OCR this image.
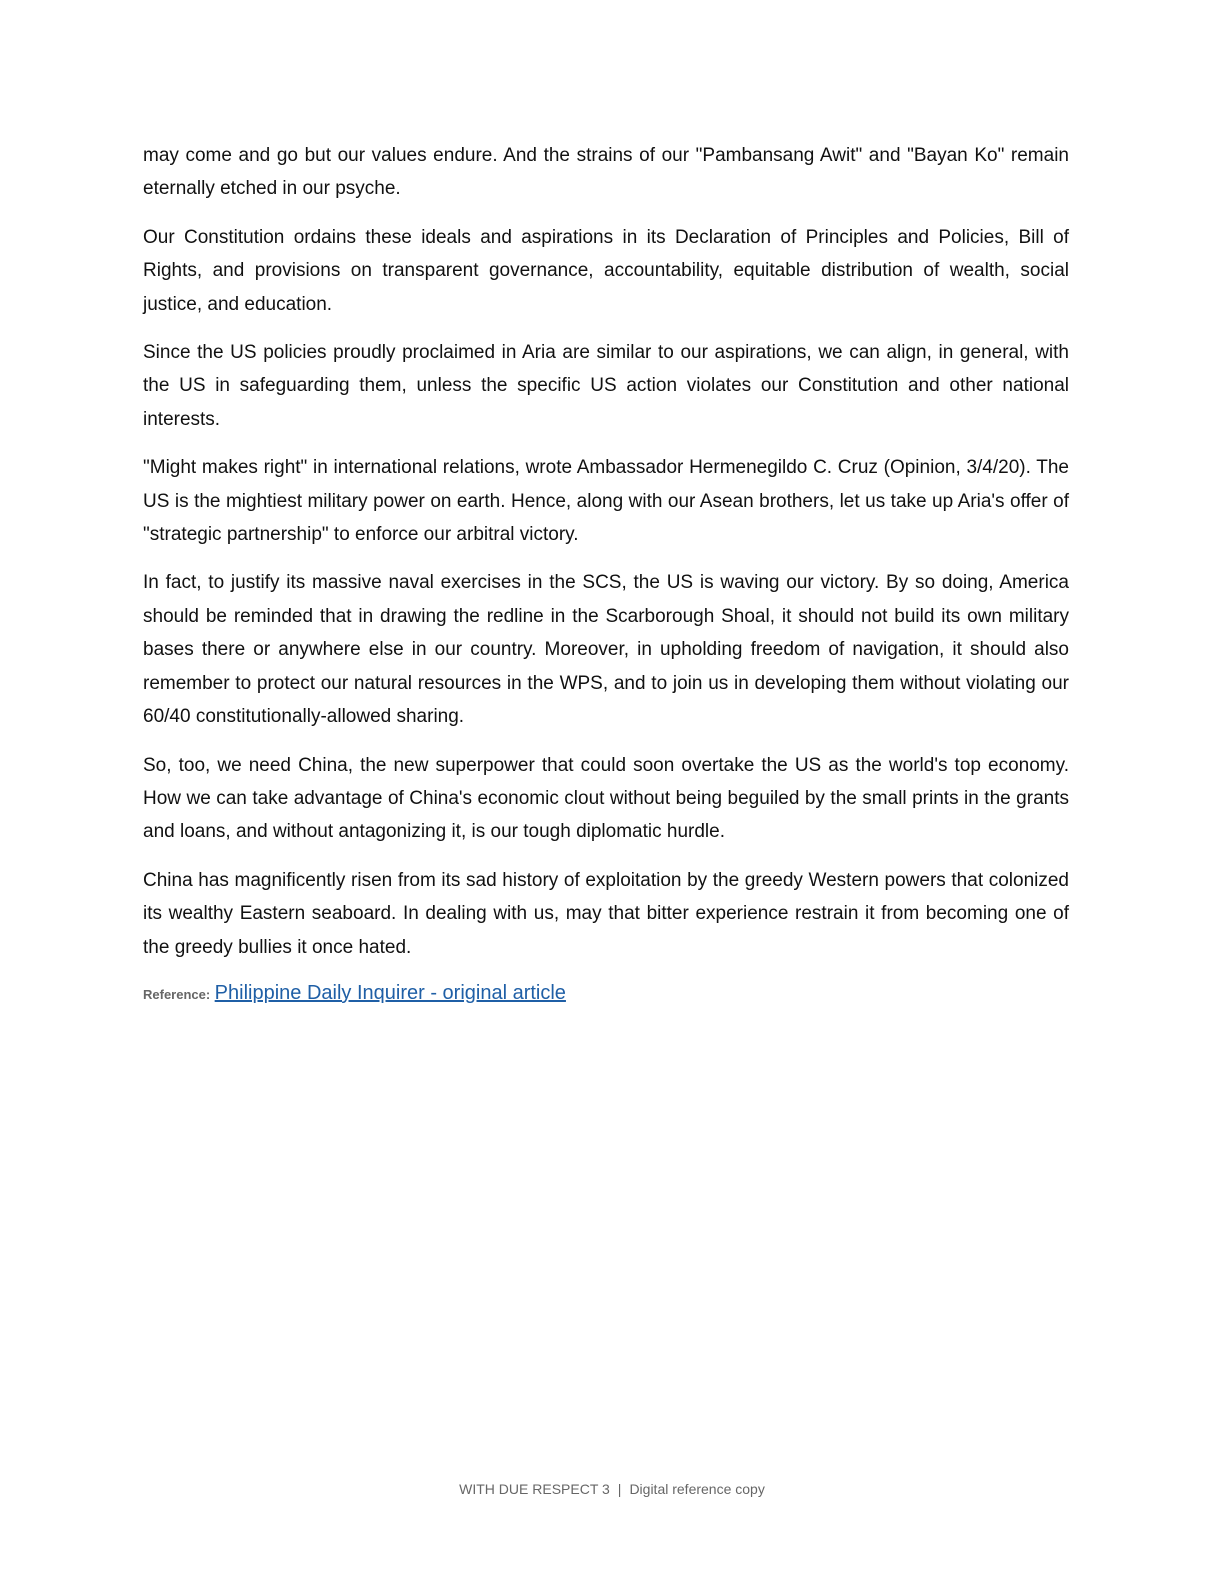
may come and go but our values endure. And the strains of our "Pambansang Awit" and "Bayan Ko" remain eternally etched in our psyche.

Our Constitution ordains these ideals and aspirations in its Declaration of Principles and Policies, Bill of Rights, and provisions on transparent governance, accountability, equitable distribution of wealth, social justice, and education.

Since the US policies proudly proclaimed in Aria are similar to our aspirations, we can align, in general, with the US in safeguarding them, unless the specific US action violates our Constitution and other national interests.

"Might makes right" in international relations, wrote Ambassador Hermenegildo C. Cruz (Opinion, 3/4/20). The US is the mightiest military power on earth. Hence, along with our Asean brothers, let us take up Aria's offer of "strategic partnership" to enforce our arbitral victory.

In fact, to justify its massive naval exercises in the SCS, the US is waving our victory. By so doing, America should be reminded that in drawing the redline in the Scarborough Shoal, it should not build its own military bases there or anywhere else in our country. Moreover, in upholding freedom of navigation, it should also remember to protect our natural resources in the WPS, and to join us in developing them without violating our 60/40 constitutionally-allowed sharing.

So, too, we need China, the new superpower that could soon overtake the US as the world's top economy. How we can take advantage of China's economic clout without being beguiled by the small prints in the grants and loans, and without antagonizing it, is our tough diplomatic hurdle.

China has magnificently risen from its sad history of exploitation by the greedy Western powers that colonized its wealthy Eastern seaboard. In dealing with us, may that bitter experience restrain it from becoming one of the greedy bullies it once hated.

Reference: Philippine Daily Inquirer - original article
WITH DUE RESPECT 3 | Digital reference copy
